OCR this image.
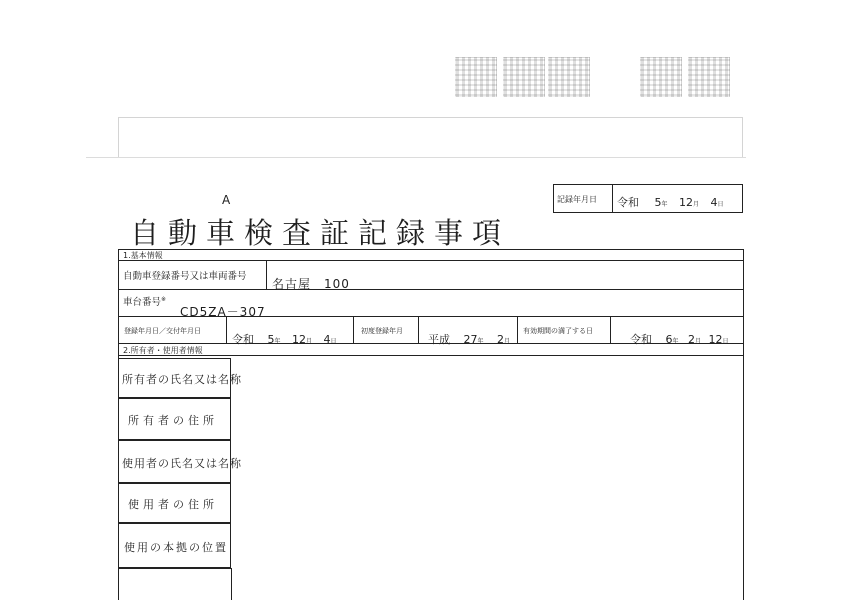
A	記録年月日 令和 5年 12月 4日
自動車検査証記録事項
1.基本情報
自動車登録番号又は車両番号
名古屋　100
車台番号※
CD5ZA－307
登録年月日／交付年月日
令和 5年 12月 4日
初度登録年月
平成 27年 2月
有効期間の満了する日
令和 6年 2月 12日
2.所有者・使用者情報
所有者の氏名又は名称
所有者の住所
使用者の氏名又は名称
使用者の住所
使用の本拠の位置
